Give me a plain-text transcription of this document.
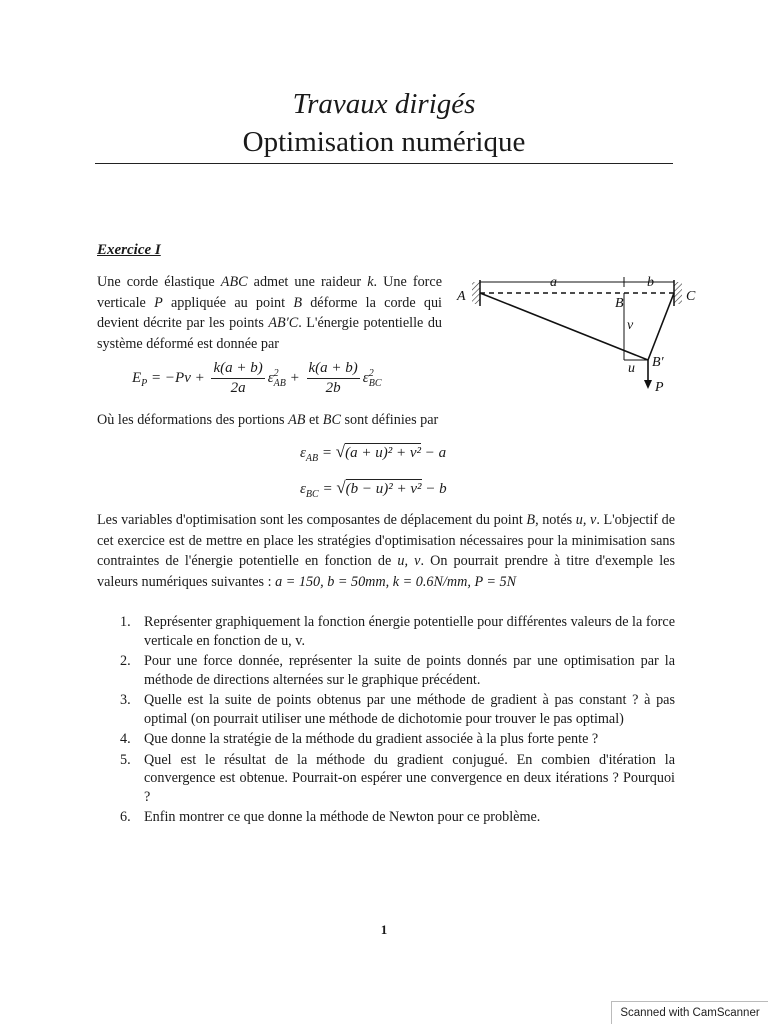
Travaux dirigés
Optimisation numérique
Exercice I
Une corde élastique ABC admet une raideur k. Une force verticale P appliquée au point B déforme la corde qui devient décrite par les points AB′C. L'énergie potentielle du système déformé est donnée par
A	C
B
B′
a	b
v
u
P
$E_P = -Pv + \frac{k(a + b)}{2a}$ ε 2
AB + $\frac{k(a + b)}{2b}$ ε 2
BC
Où les déformations des portions AB et BC sont définies par
$\varepsilon_{AB} = √(a + u)^2 + v^2 - a$
$\varepsilon_{BC} = √(b - u)^2 + v^2 - b$
Les variables d'optimisation sont les composantes de déplacement du point B, notés u, v. L'objectif de cet exercice est de mettre en place les stratégies d'optimisation nécessaires pour la minimisation sans contraintes de l'énergie potentielle en fonction de u, v. On pourrait prendre à titre d'exemple les valeurs numériques suivantes : a = 150, b = 50mm, k = 0.6N/mm, P = 5N
1. Représenter graphiquement la fonction énergie potentielle pour différentes valeurs de la force verticale en fonction de u, v.
2. Pour une force donnée, représenter la suite de points donnés par une optimisation par la méthode de directions alternées sur le graphique précédent.
3. Quelle est la suite de points obtenus par une méthode de gradient à pas constant ? à pas optimal (on pourrait utiliser une méthode de dichotomie pour trouver le pas optimal)
4. Que donne la stratégie de la méthode du gradient associée à la plus forte pente ?
5. Quel est le résultat de la méthode du gradient conjugué. En combien d'itération la convergence est obtenue. Pourrait-on espérer une convergence en deux itérations ? Pourquoi ?
6. Enfin montrer ce que donne la méthode de Newton pour ce problème.
1
Scanned with CamScanner
